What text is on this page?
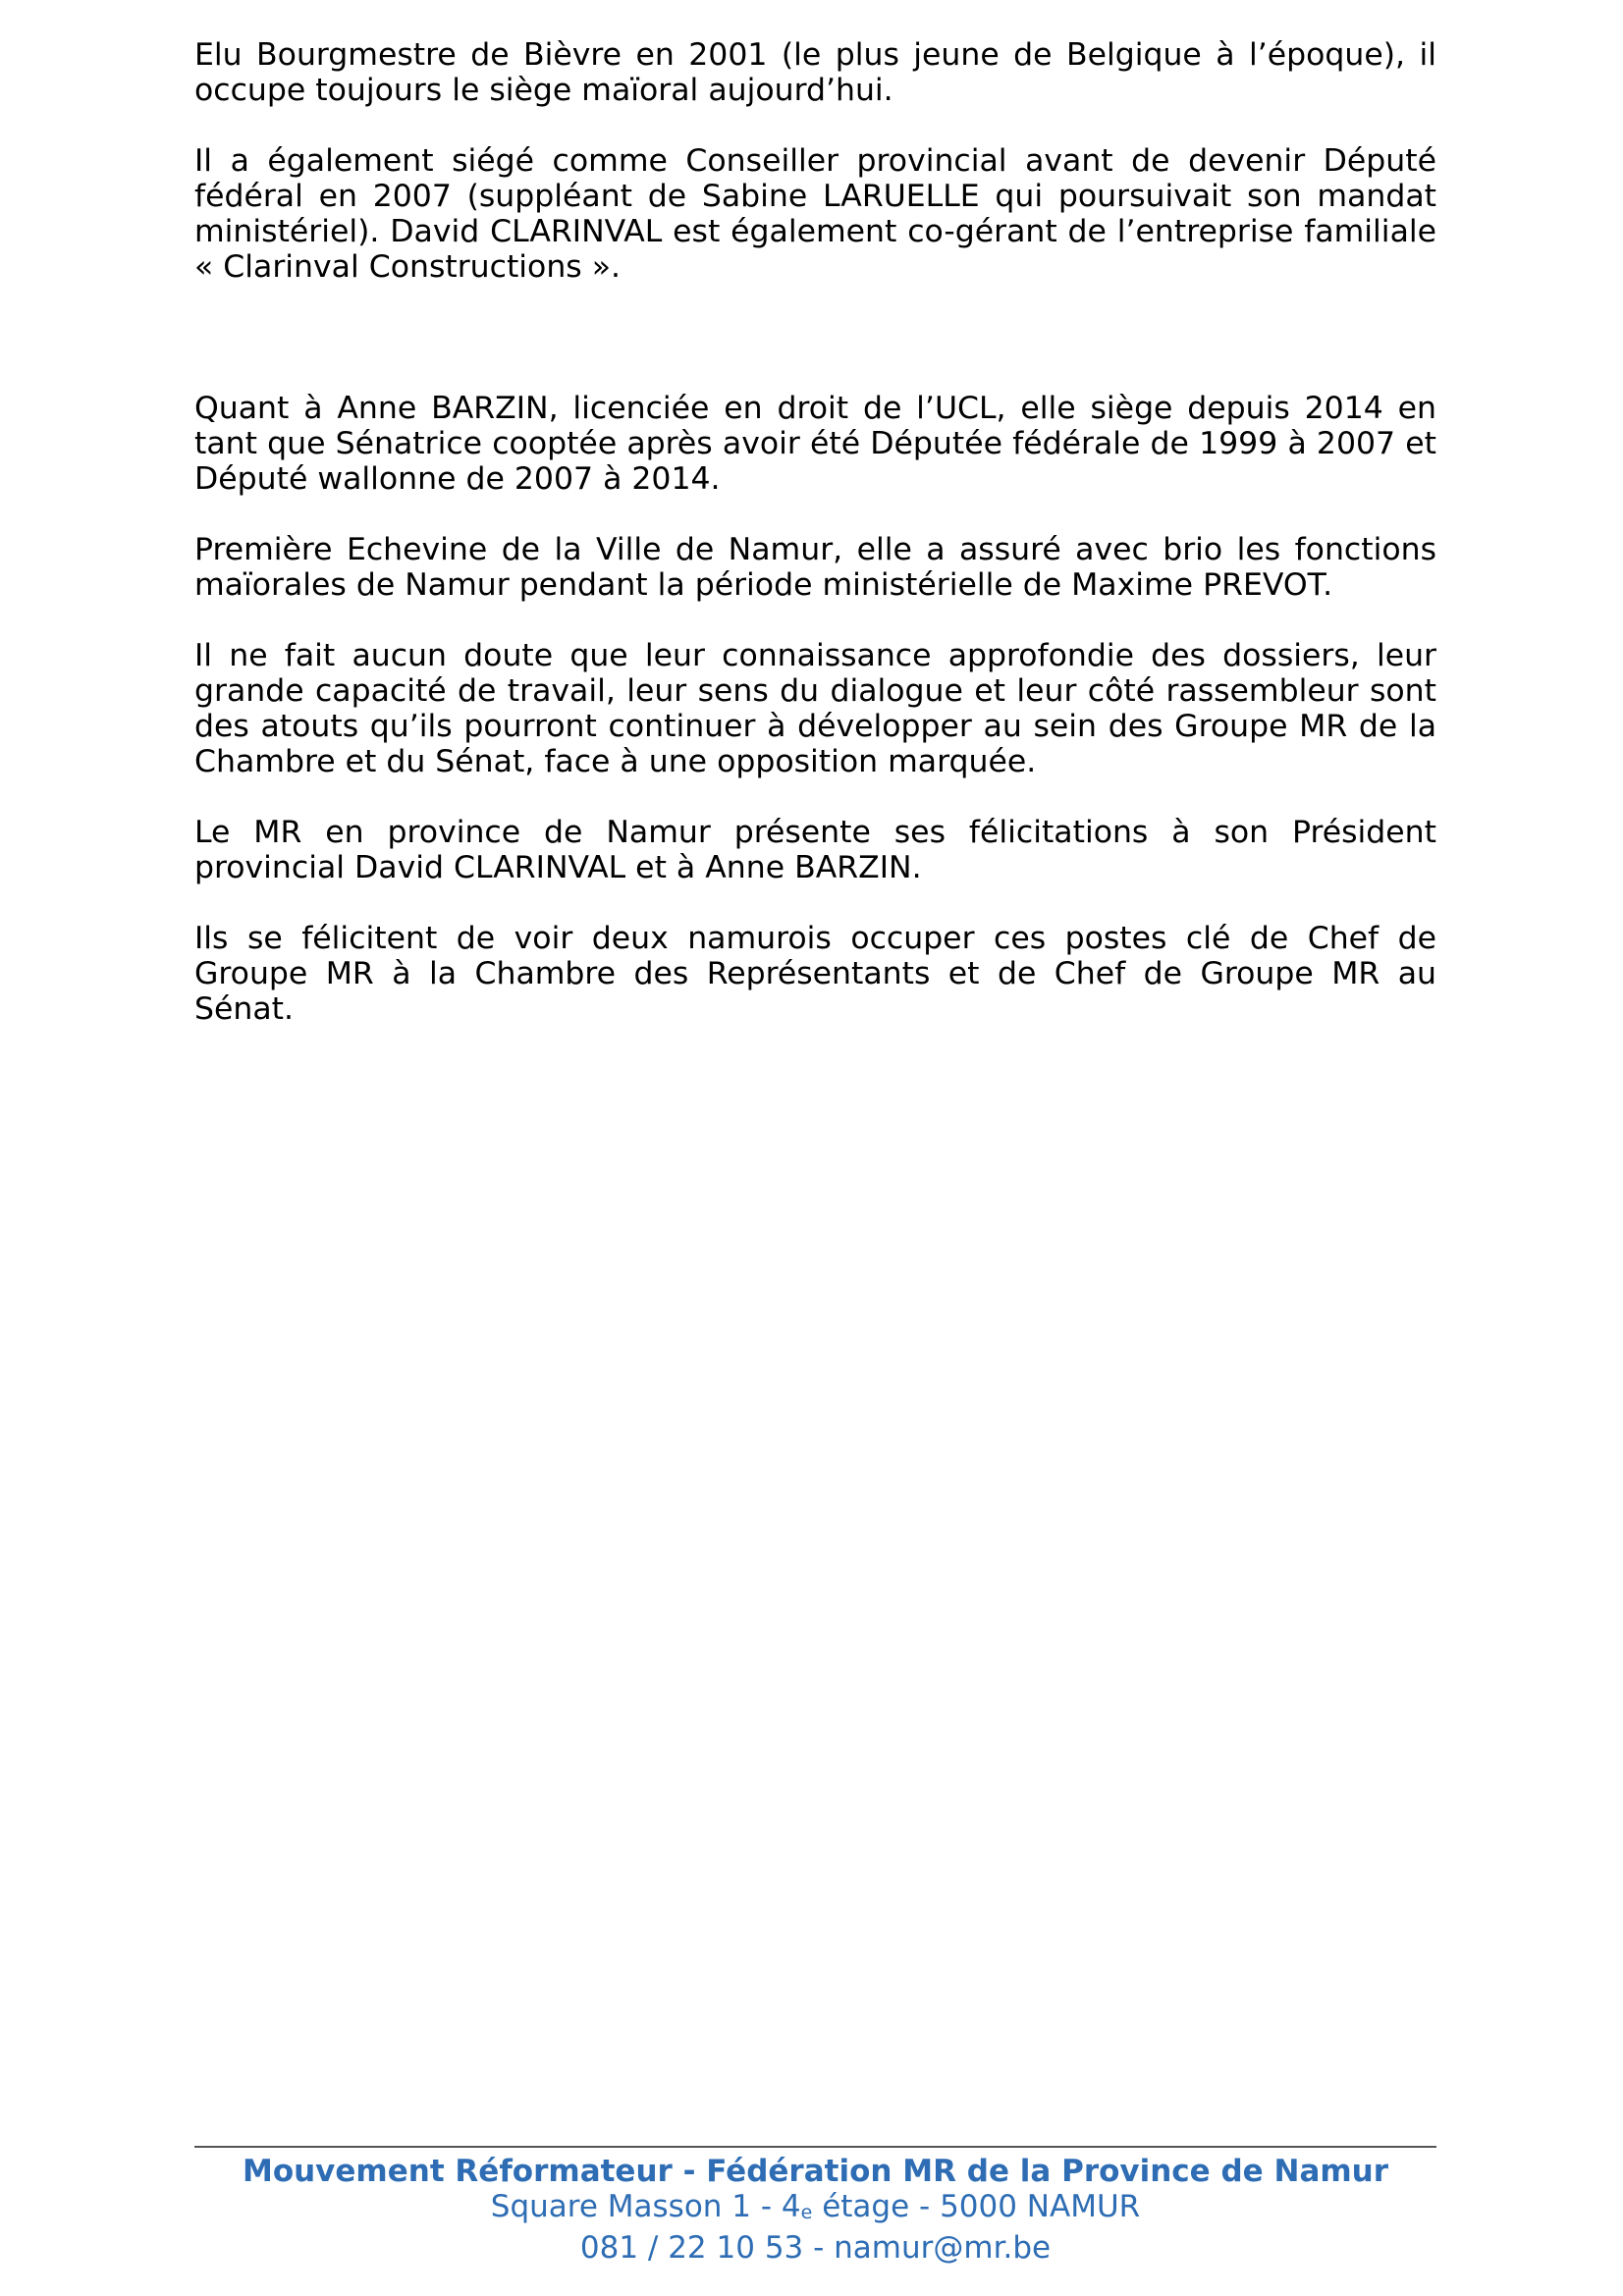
Elu Bourgmestre de Bièvre en 2001 (le plus jeune de Belgique à l’époque), il occupe toujours le siège maïoral aujourd’hui.

Il a également siégé comme Conseiller provincial avant de devenir Député fédéral en 2007 (suppléant de Sabine LARUELLE qui poursuivait son mandat ministériel). David CLARINVAL est également co-gérant de l’entreprise familiale « Clarinval Constructions ».

Quant à Anne BARZIN, licenciée en droit de l’UCL, elle siège depuis 2014 en tant que Sénatrice cooptée après avoir été Députée fédérale de 1999 à 2007 et Député wallonne de 2007 à 2014.

Première Echevine de la Ville de Namur, elle a assuré avec brio les fonctions maïorales de Namur pendant la période ministérielle de Maxime PREVOT.

Il ne fait aucun doute que leur connaissance approfondie des dossiers, leur grande capacité de travail, leur sens du dialogue et leur côté rassembleur sont des atouts qu’ils pourront continuer à développer au sein des Groupe MR de la Chambre et du Sénat, face à une opposition marquée.

Le MR en province de Namur présente ses félicitations à son Président provincial David CLARINVAL et à Anne BARZIN.

Ils se félicitent de voir deux namurois occuper ces postes clé de Chef de Groupe MR à la Chambre des Représentants et de Chef de Groupe MR au Sénat.

Mouvement Réformateur - Fédération MR de la Province de Namur
Square Masson 1 - 4e étage - 5000 NAMUR
081 / 22 10 53 - namur@mr.be
